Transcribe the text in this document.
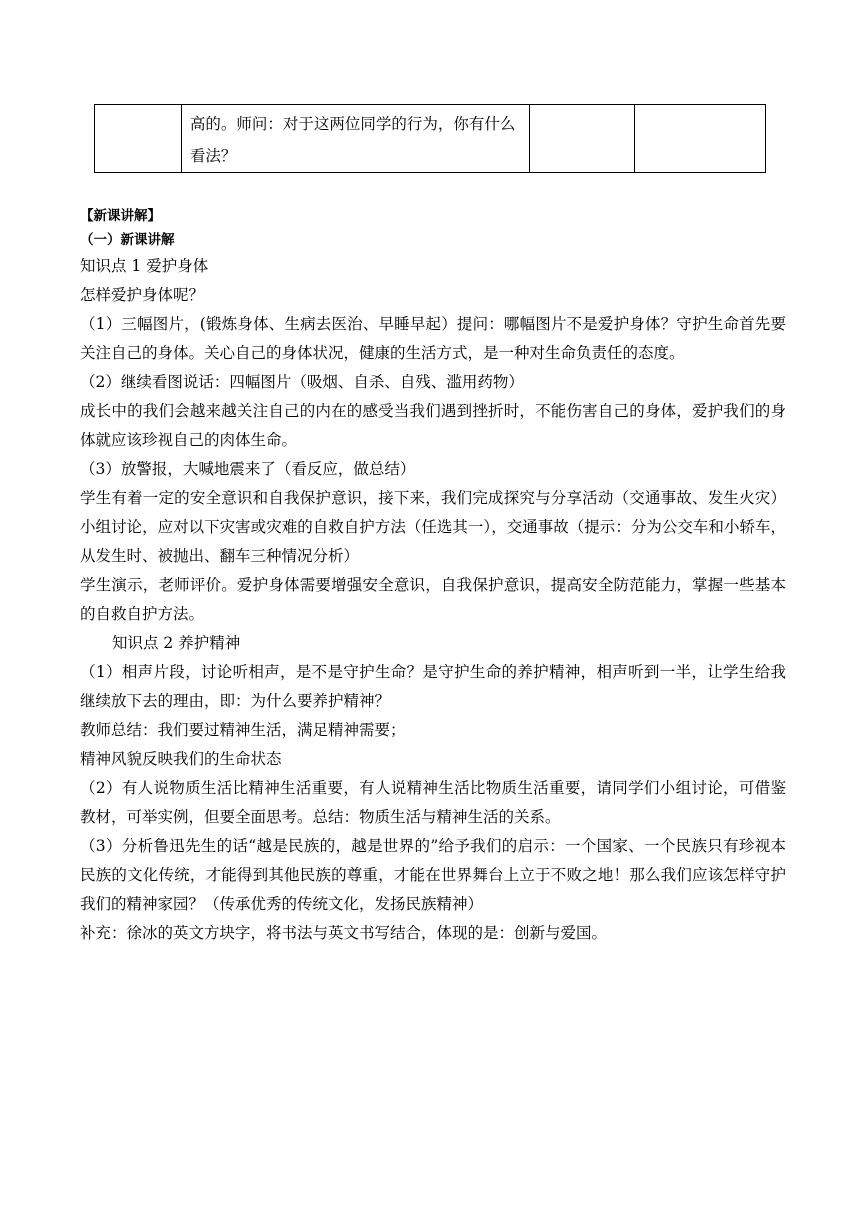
高的。师问：对于这两位同学的行为，你有什么看法？

【新课讲解】

（一）新课讲解

知识点 1 爱护身体

怎样爱护身体呢？

（1）三幅图片，(锻炼身体、生病去医治、早睡早起）提问：哪幅图片不是爱护身体？守护生命首先要关注自己的身体。关心自己的身体状况，健康的生活方式，是一种对生命负责任的态度。

（2）继续看图说话：四幅图片（吸烟、自杀、自残、滥用药物）

成长中的我们会越来越关注自己的内在的感受当我们遇到挫折时，不能伤害自己的身体，爱护我们的身体就应该珍视自己的肉体生命。

（3）放警报，大喊地震来了（看反应，做总结）

学生有着一定的安全意识和自我保护意识，接下来，我们完成探究与分享活动（交通事故、发生火灾）小组讨论，应对以下灾害或灾难的自救自护方法（任选其一），交通事故（提示：分为公交车和小轿车，从发生时、被抛出、翻车三种情况分析）

学生演示，老师评价。爱护身体需要增强安全意识，自我保护意识，提高安全防范能力，掌握一些基本的自救自护方法。

知识点 2 养护精神

（1）相声片段，讨论听相声，是不是守护生命？是守护生命的养护精神，相声听到一半，让学生给我继续放下去的理由，即：为什么要养护精神？

教师总结：我们要过精神生活，满足精神需要；

精神风貌反映我们的生命状态

（2）有人说物质生活比精神生活重要，有人说精神生活比物质生活重要，请同学们小组讨论，可借鉴教材，可举实例，但要全面思考。总结：物质生活与精神生活的关系。

（3）分析鲁迅先生的话“越是民族的，越是世界的”给予我们的启示：一个国家、一个民族只有珍视本民族的文化传统，才能得到其他民族的尊重，才能在世界舞台上立于不败之地！那么我们应该怎样守护我们的精神家园？（传承优秀的传统文化，发扬民族精神）

补充：徐冰的英文方块字，将书法与英文书写结合，体现的是：创新与爱国。
